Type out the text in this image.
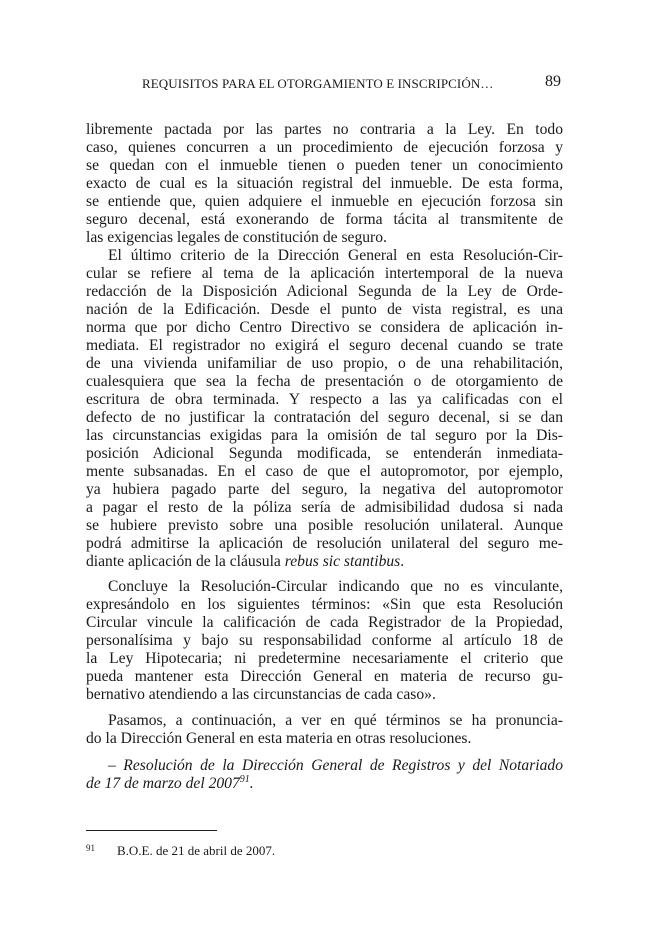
REQUISITOS PARA EL OTORGAMIENTO E INSCRIPCIÓN…	89
libremente pactada por las partes no contraria a la Ley. En todo
caso, quienes concurren a un procedimiento de ejecución forzosa y
se quedan con el inmueble tienen o pueden tener un conocimiento
exacto de cual es la situación registral del inmueble. De esta forma,
se entiende que, quien adquiere el inmueble en ejecución forzosa sin
seguro decenal, está exonerando de forma tácita al transmitente de
las exigencias legales de constitución de seguro.
El último criterio de la Dirección General en esta Resolución-Cir-
cular se refiere al tema de la aplicación intertemporal de la nueva
redacción de la Disposición Adicional Segunda de la Ley de Orde-
nación de la Edificación. Desde el punto de vista registral, es una
norma que por dicho Centro Directivo se considera de aplicación in-
mediata. El registrador no exigirá el seguro decenal cuando se trate
de una vivienda unifamiliar de uso propio, o de una rehabilitación,
cualesquiera que sea la fecha de presentación o de otorgamiento de
escritura de obra terminada. Y respecto a las ya calificadas con el
defecto de no justificar la contratación del seguro decenal, si se dan
las circunstancias exigidas para la omisión de tal seguro por la Dis-
posición Adicional Segunda modificada, se entenderán inmediata-
mente subsanadas. En el caso de que el autopromotor, por ejemplo,
ya hubiera pagado parte del seguro, la negativa del autopromotor
a pagar el resto de la póliza sería de admisibilidad dudosa si nada
se hubiere previsto sobre una posible resolución unilateral. Aunque
podrá admitirse la aplicación de resolución unilateral del seguro me-
diante aplicación de la cláusula rebus sic stantibus.
Concluye la Resolución-Circular indicando que no es vinculante,
expresándolo en los siguientes términos: «Sin que esta Resolución
Circular vincule la calificación de cada Registrador de la Propiedad,
personalísima y bajo su responsabilidad conforme al artículo 18 de
la Ley Hipotecaria; ni predetermine necesariamente el criterio que
pueda mantener esta Dirección General en materia de recurso gu-
bernativo atendiendo a las circunstancias de cada caso».
Pasamos, a continuación, a ver en qué términos se ha pronuncia-
do la Dirección General en esta materia en otras resoluciones.
– Resolución de la Dirección General de Registros y del Notariado
de 17 de marzo del 2007$^{91}$.
$^{91}$ B.O.E. de 21 de abril de 2007.
